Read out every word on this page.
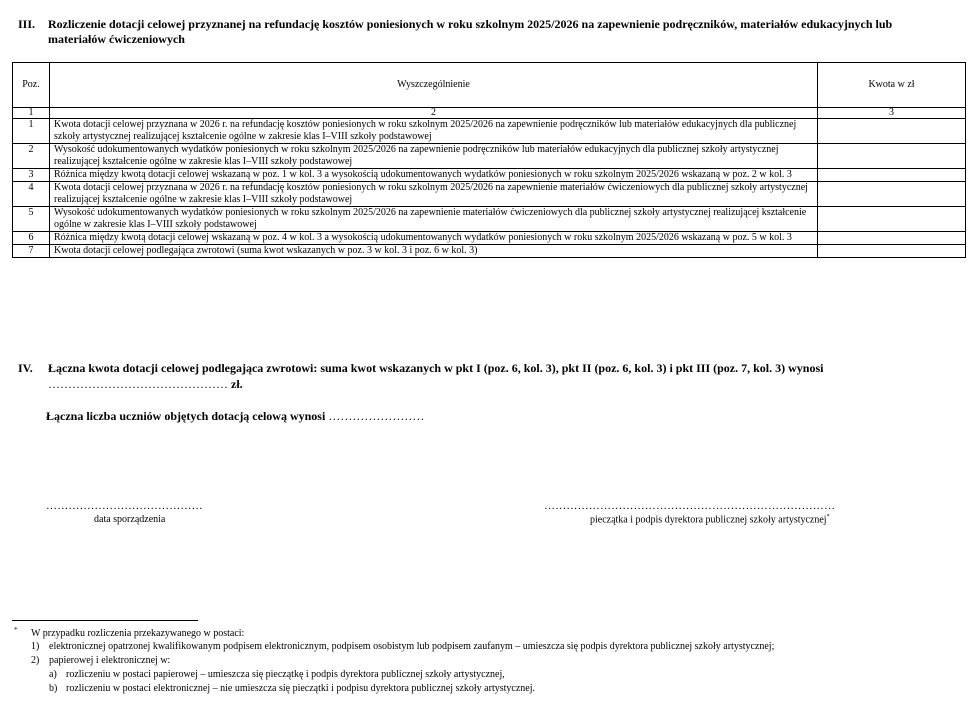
III. Rozliczenie dotacji celowej przyznanej na refundację kosztów poniesionych w roku szkolnym 2025/2026 na zapewnienie podręczników, materiałów edukacyjnych lub materiałów ćwiczeniowych
Poz.	Wyszczególnienie	Kwota w zł
1	2	3
1	Kwota dotacji celowej przyznana w 2026 r. na refundację kosztów poniesionych w roku szkolnym 2025/2026 na zapewnienie podręczników lub materiałów edukacyjnych dla publicznej szkoły artystycznej realizującej kształcenie ogólne w zakresie klas I–VIII szkoły podstawowej	
2	Wysokość udokumentowanych wydatków poniesionych w roku szkolnym 2025/2026 na zapewnienie podręczników lub materiałów edukacyjnych dla publicznej szkoły artystycznej realizującej kształcenie ogólne w zakresie klas I–VIII szkoły podstawowej	
3	Różnica między kwotą dotacji celowej wskazaną w poz. 1 w kol. 3 a wysokością udokumentowanych wydatków poniesionych w roku szkolnym 2025/2026 wskazaną w poz. 2 w kol. 3	
4	Kwota dotacji celowej przyznana w 2026 r. na refundację kosztów poniesionych w roku szkolnym 2025/2026 na zapewnienie materiałów ćwiczeniowych dla publicznej szkoły artystycznej realizującej kształcenie ogólne w zakresie klas I–VIII szkoły podstawowej	
5	Wysokość udokumentowanych wydatków poniesionych w roku szkolnym 2025/2026 na zapewnienie materiałów ćwiczeniowych dla publicznej szkoły artystycznej realizującej kształcenie ogólne w zakresie klas I–VIII szkoły podstawowej	
6	Różnica między kwotą dotacji celowej wskazaną w poz. 4 w kol. 3 a wysokością udokumentowanych wydatków poniesionych w roku szkolnym 2025/2026 wskazaną w poz. 5 w kol. 3	
7	Kwota dotacji celowej podlegająca zwrotowi (suma kwot wskazanych w poz. 3 w kol. 3 i poz. 6 w kol. 3)	
IV. Łączna kwota dotacji celowej podlegająca zwrotowi: suma kwot wskazanych w pkt I (poz. 6, kol. 3), pkt II (poz. 6, kol. 3) i pkt III (poz. 7, kol. 3) wynosi
……………………………………… zł.
Łączna liczba uczniów objętych dotacją celową wynosi ……………………
……………………………………
data sporządzenia
……………………………………………………………………
pieczątka i podpis dyrektora publicznej szkoły artystycznej*
* W przypadku rozliczenia przekazywanego w postaci:
1) elektronicznej opatrzonej kwalifikowanym podpisem elektronicznym, podpisem osobistym lub podpisem zaufanym – umieszcza się podpis dyrektora publicznej szkoły artystycznej;
2) papierowej i elektronicznej w:
a) rozliczeniu w postaci papierowej – umieszcza się pieczątkę i podpis dyrektora publicznej szkoły artystycznej,
b) rozliczeniu w postaci elektronicznej – nie umieszcza się pieczątki i podpisu dyrektora publicznej szkoły artystycznej.
